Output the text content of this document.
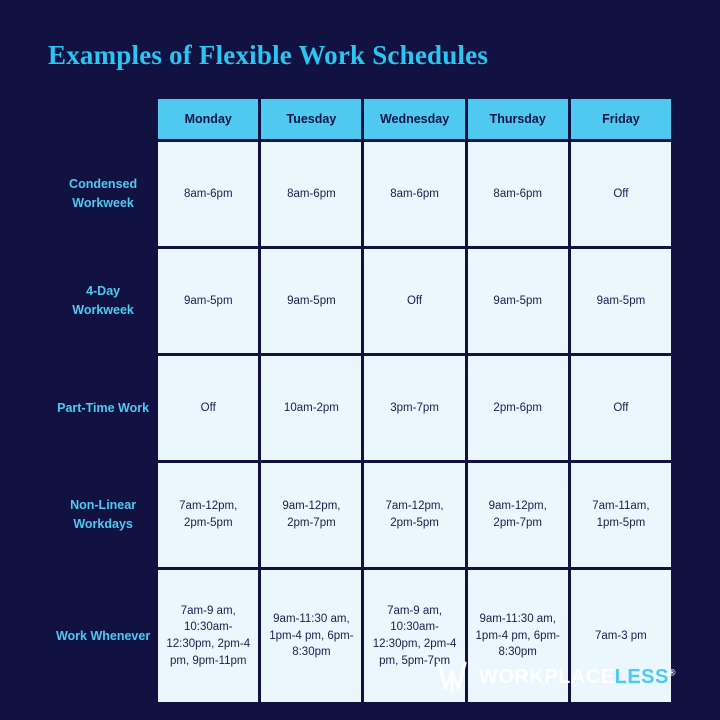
Examples of Flexible Work Schedules
	Monday	Tuesday	Wednesday	Thursday	Friday
Condensed Workweek	8am-6pm	8am-6pm	8am-6pm	8am-6pm	Off
4-Day Workweek	9am-5pm	9am-5pm	Off	9am-5pm	9am-5pm
Part-Time Work	Off	10am-2pm	3pm-7pm	2pm-6pm	Off
Non-Linear Workdays	7am-12pm, 2pm-5pm	9am-12pm, 2pm-7pm	7am-12pm, 2pm-5pm	9am-12pm, 2pm-7pm	7am-11am, 1pm-5pm
Work Whenever	7am-9 am, 10:30am-12:30pm, 2pm-4 pm, 9pm-11pm	9am-11:30 am, 1pm-4 pm, 6pm-8:30pm	7am-9 am, 10:30am-12:30pm, 2pm-4 pm, 5pm-7pm	9am-11:30 am, 1pm-4 pm, 6pm-8:30pm	7am-3 pm
WORKPLACELESS®
